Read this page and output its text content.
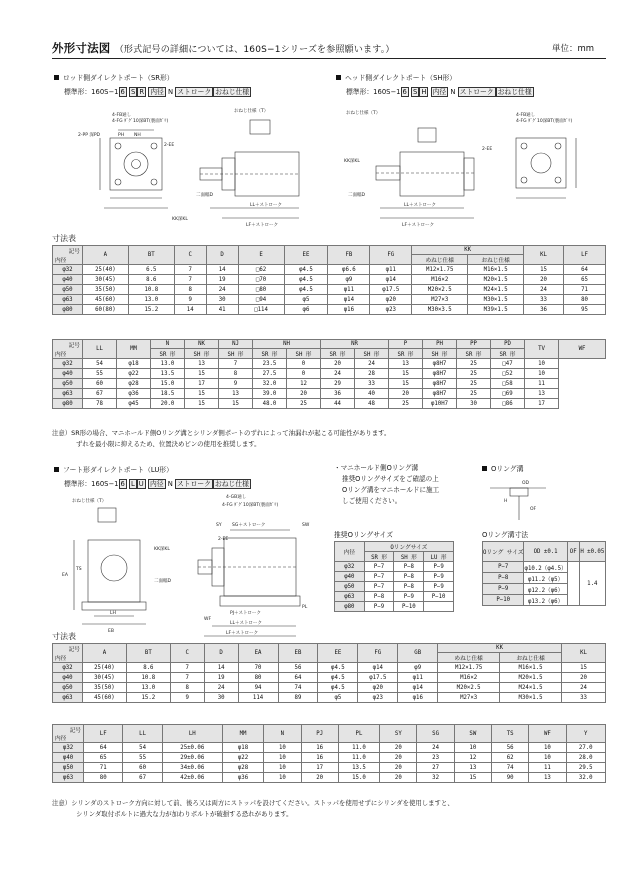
外形寸法図 （形式記号の詳細については、160S−1シリーズを参照願います。）	単位：mm
ロッド側ダイレクトポート（SR形）
標準形：160S−1 6 S R 内径 N ストローク おねじ仕様
4-FB通し
4-FG ﾀﾞｸﾞ10深BT(裏面ｶﾞﾘ)
2-PP 深PD	PH NH
2-EE
KK深KL
二面幅D
おねじ仕様（T）
LL＋ストローク
LF＋ストローク
ヘッド側ダイレクトポート（SH形）
標準形：160S−1 6 S H 内径 N ストローク おねじ仕様
おねじ仕様（T）	4-FB通し
4-FG ﾀﾞｸﾞ10深BT(裏面ｶﾞﾘ)
2-EE
KK深KL
二面幅D
LL＋ストローク
LF＋ストローク
寸法表
記号
内径	A	BT	C	D	E	EE	FB	FG	KK		KL	LF
									めねじ仕様	おねじ仕様		
φ32	25(40)	6.5	7	14	□62	φ4.5	φ6.6	φ11	M12×1.75	M16×1.5	15	64
φ40	30(45)	8.6	7	19	□70	φ4.5	φ9	φ14	M16×2	M20×1.5	20	65
φ50	35(50)	10.8	8	24	□80	φ4.5	φ11	φ17.5	M20×2.5	M24×1.5	24	71
φ63	45(60)	13.0	9	30	□94	φ5	φ14	φ20	M27×3	M30×1.5	33	80
φ80	60(80)	15.2	14	41	□114	φ6	φ16	φ23	M30×3.5	M39×1.5	36	95
記号
内径	LL	MM	N	NK	NJ	NH		NR		P	PH	PP	PD	TV	WF
			SR 形	SH 形	SH 形	SR 形	SH 形	SR 形	SH 形	SR 形	SH 形	SR 形	SR 形		
φ32	54	φ18	13.0	13	7	23.5	0	20	24	13	φ8H7	25	□47	10	
φ40	55	φ22	13.5	15	8	27.5	0	24	28	15	φ8H7	25	□52	10	
φ50	60	φ28	15.0	17	9	32.0	12	29	33	15	φ8H7	25	□58	11	
φ63	67	φ36	18.5	15	13	39.0	20	36	40	20	φ8H7	25	□69	13	
φ80	78	φ45	20.0	15	15	48.0	25	44	48	25	φ10H7	30	□86	17	
注意）SR形の場合、マニホールド側Oリング溝とシリンダ側ポートのずれによって油漏れが起こる可能性があります。
ずれを最小限に抑えるため、位置決めピンの使用を推奨します。
フート形ダイレクトポート（LU形）
標準形：160S−1 6 L U 内径 N ストローク おねじ仕様
おねじ仕様（T）
4-GB通し
4-FG ﾀﾞｸﾞ10深BT(裏面ｶﾞﾘ)
2-EE
KK深KL
二面幅D
SY SG＋ストローク	SW
PJ＋ストローク
PL
LL＋ストローク
LF＋ストローク
LH
EB
EA
TS
WF
・マニホールド側Oリング溝
推奨Oリングサイズをご確認の上
Oリング溝をマニホールドに施工
しご使用ください。
推奨Oリングサイズ
内径	Oリングサイズ		
	SR 形	SH 形	LU 形
φ32	P−7	P−8	P−9
φ40	P−7	P−8	P−9
φ50	P−7	P−8	P−9
φ63	P−8	P−9	P−10
φ80	P−9	P−10	
Oリング溝
OD
H
OF
Oリング溝寸法
Oリング サイズ	OD ±0.1	OF	H ±0.05
P−7	φ10.2（φ4.5）		1.4
P−8	φ11.2（φ5）		
P−9	φ12.2（φ6）		
P−10	φ13.2（φ6）		
寸法表
記号
内径	A	BT	C	D	EA	EB	EE	FG	GB	KK		KL
										めねじ仕様	おねじ仕様	
φ32	25(40)	8.6	7	14	70	56	φ4.5	φ14	φ9	M12×1.75	M16×1.5	15
φ40	30(45)	10.8	7	19	80	64	φ4.5	φ17.5	φ11	M16×2	M20×1.5	20
φ50	35(50)	13.0	8	24	94	74	φ4.5	φ20	φ14	M20×2.5	M24×1.5	24
φ63	45(60)	15.2	9	30	114	89	φ5	φ23	φ16	M27×3	M30×1.5	33
記号
内径	LF	LL	LH	MM	N	PJ	PL	SY	SG	SW	TS	WF	Y
φ32	64	54	25±0.06	φ18	10	16	11.0	20	24	10	56	10	27.0
φ40	65	55	29±0.06	φ22	10	16	11.0	20	23	12	62	10	28.0
φ50	71	60	34±0.06	φ28	10	17	13.5	20	27	13	74	11	29.5
φ63	80	67	42±0.06	φ36	10	20	15.0	20	32	15	90	13	32.0
注意）シリンダのストローク方向に対して前、後ろ又は両方にストッパを設けてください。ストッパを使用せずにシリンダを使用しますと、
シリンダ取付ボルトに過大な力が加わりボルトが破損する恐れがあります。
